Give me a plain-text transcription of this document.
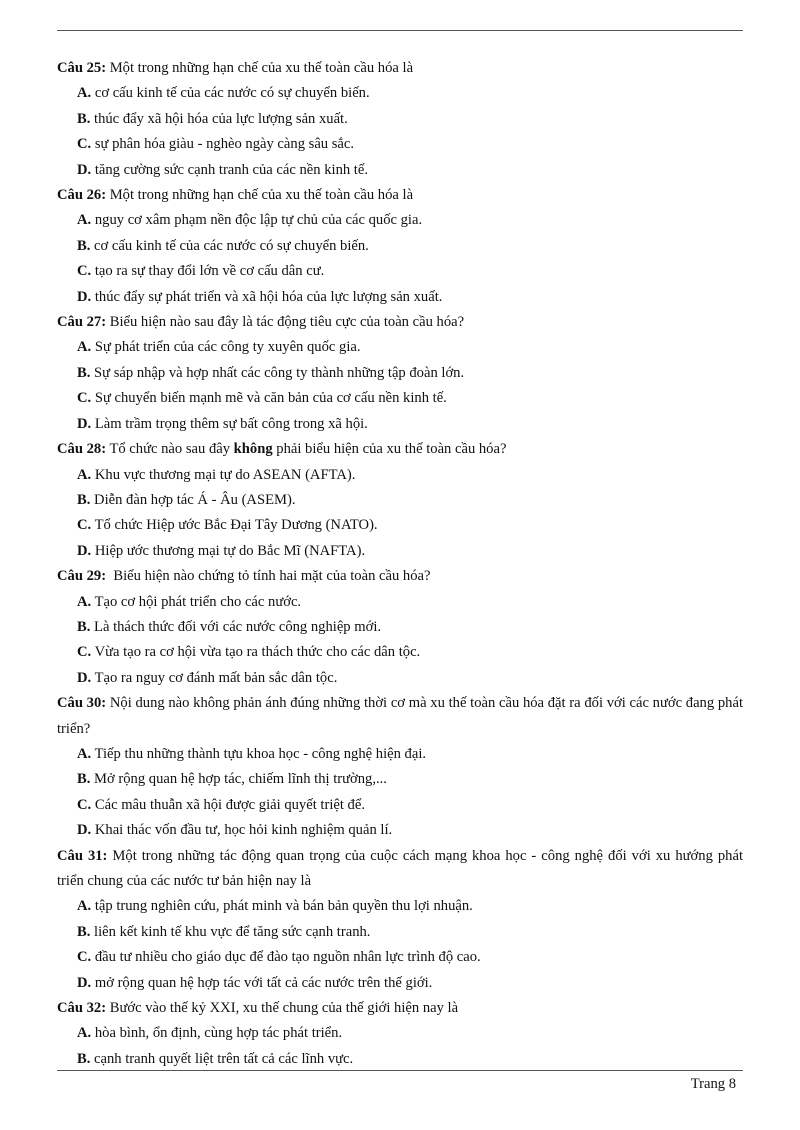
Câu 25: Một trong những hạn chế của xu thế toàn cầu hóa là

A. cơ cấu kinh tế của các nước có sự chuyển biến.

B. thúc đẩy xã hội hóa của lực lượng sản xuất.

C. sự phân hóa giàu - nghèo ngày càng sâu sắc.

D. tăng cường sức cạnh tranh của các nền kinh tế.

Câu 26: Một trong những hạn chế của xu thế toàn cầu hóa là

A. nguy cơ xâm phạm nền độc lập tự chủ của các quốc gia.

B. cơ cấu kinh tế của các nước có sự chuyển biến.

C. tạo ra sự thay đổi lớn về cơ cấu dân cư.

D. thúc đẩy sự phát triển và xã hội hóa của lực lượng sản xuất.

Câu 27: Biểu hiện nào sau đây là tác động tiêu cực của toàn cầu hóa?

A. Sự phát triển của các công ty xuyên quốc gia.

B. Sự sáp nhập và hợp nhất các công ty thành những tập đoàn lớn.

C. Sự chuyển biến mạnh mẽ và căn bản của cơ cấu nền kinh tế.

D. Làm trầm trọng thêm sự bất công trong xã hội.

Câu 28: Tổ chức nào sau đây không phải biểu hiện của xu thế toàn cầu hóa?

A. Khu vực thương mại tự do ASEAN (AFTA).

B. Diễn đàn hợp tác Á - Âu (ASEM).

C. Tổ chức Hiệp ước Bắc Đại Tây Dương (NATO).

D. Hiệp ước thương mại tự do Bắc Mĩ (NAFTA).

Câu 29:  Biểu hiện nào chứng tỏ tính hai mặt của toàn cầu hóa?

A. Tạo cơ hội phát triển cho các nước.

B. Là thách thức đối với các nước công nghiệp mới.

C. Vừa tạo ra cơ hội vừa tạo ra thách thức cho các dân tộc.

D. Tạo ra nguy cơ đánh mất bản sắc dân tộc.

Câu 30: Nội dung nào không phản ánh đúng những thời cơ mà xu thế toàn cầu hóa đặt ra đối với các nước đang phát triển?

A. Tiếp thu những thành tựu khoa học - công nghệ hiện đại.

B. Mở rộng quan hệ hợp tác, chiếm lĩnh thị trường,...

C. Các mâu thuẫn xã hội được giải quyết triệt để.

D. Khai thác vốn đầu tư, học hỏi kinh nghiệm quản lí.

Câu 31: Một trong những tác động quan trọng của cuộc cách mạng khoa học - công nghệ đối với xu hướng phát triển chung của các nước tư bản hiện nay là

A. tập trung nghiên cứu, phát minh và bán bản quyền thu lợi nhuận.

B. liên kết kinh tế khu vực để tăng sức cạnh tranh.

C. đầu tư nhiều cho giáo dục để đào tạo nguồn nhân lực trình độ cao.

D. mở rộng quan hệ hợp tác với tất cả các nước trên thế giới.

Câu 32: Bước vào thế kỷ XXI, xu thế chung của thế giới hiện nay là

A. hòa bình, ổn định, cùng hợp tác phát triển.

B. cạnh tranh quyết liệt trên tất cả các lĩnh vực.

Trang 8
